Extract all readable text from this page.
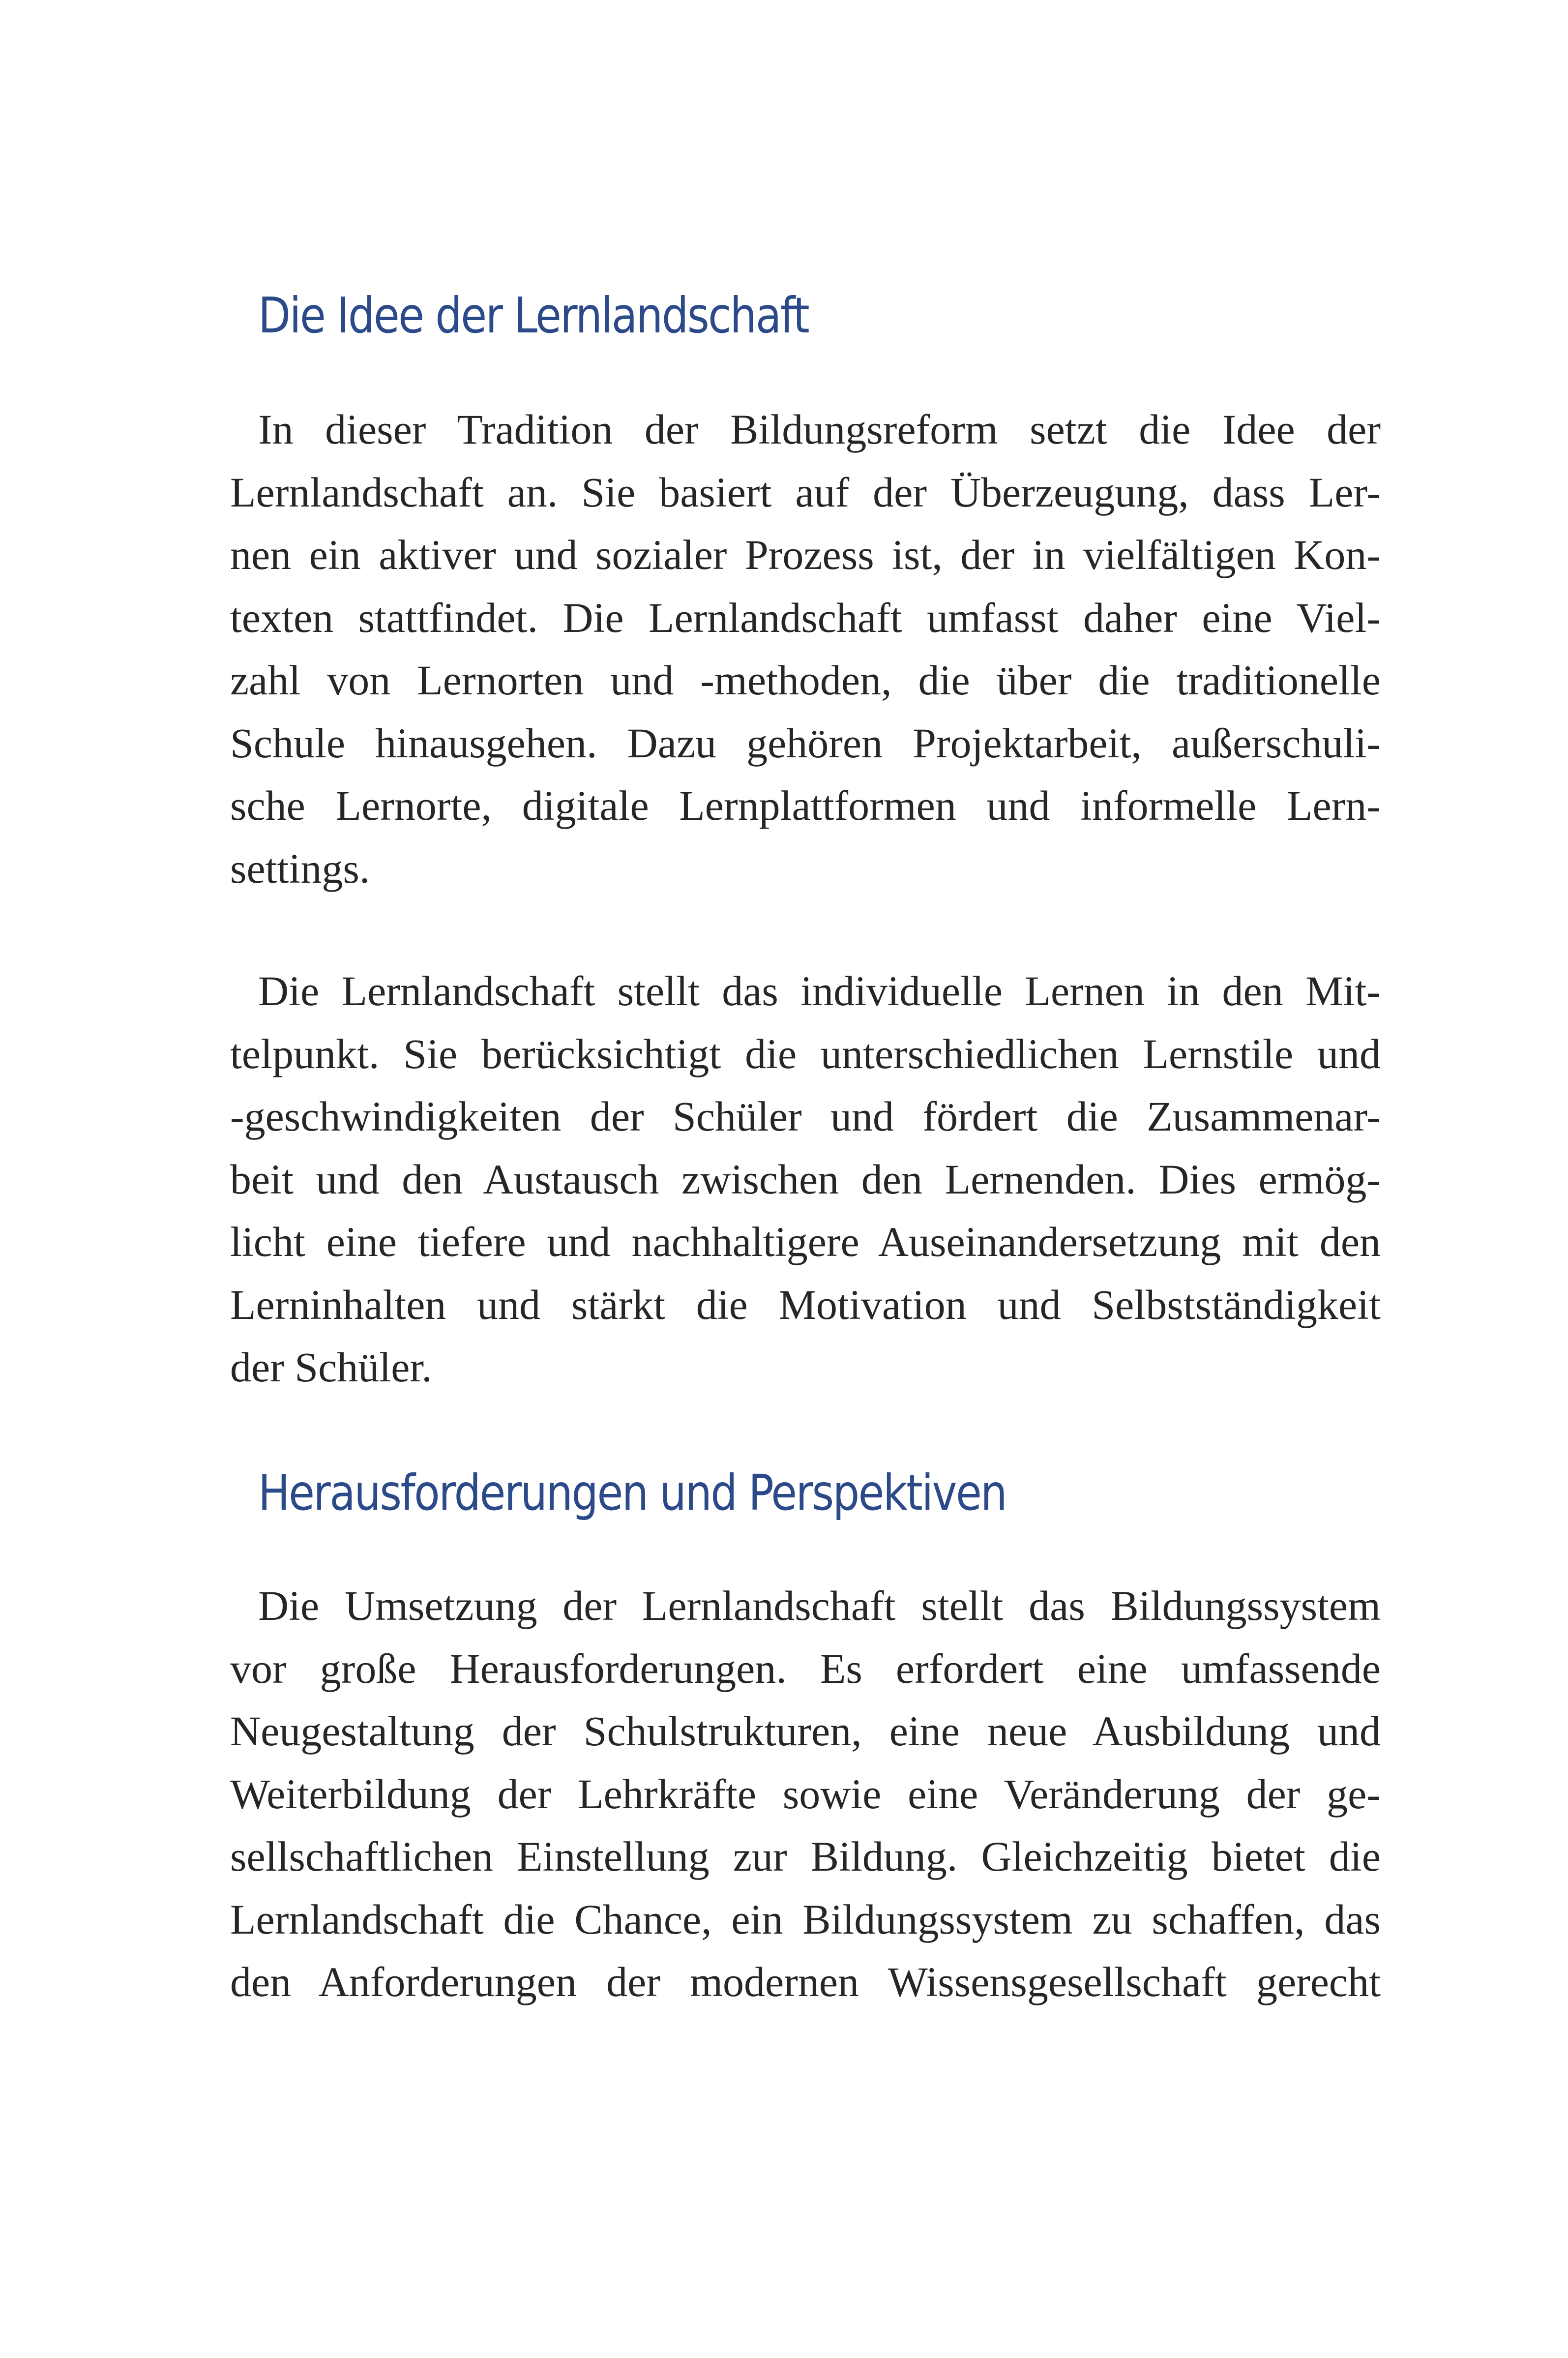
Die Idee der Lernlandschaft
In dieser Tradition der Bildungsreform setzt die Idee der
Lernlandschaft an. Sie basiert auf der Überzeugung, dass Ler-
nen ein aktiver und sozialer Prozess ist, der in vielfältigen Kon-
texten stattfindet. Die Lernlandschaft umfasst daher eine Viel-
zahl von Lernorten und -methoden, die über die traditionelle
Schule hinausgehen. Dazu gehören Projektarbeit, außerschuli-
sche Lernorte, digitale Lernplattformen und informelle Lern-
settings.
Die Lernlandschaft stellt das individuelle Lernen in den Mit-
telpunkt. Sie berücksichtigt die unterschiedlichen Lernstile und
-geschwindigkeiten der Schüler und fördert die Zusammenar-
beit und den Austausch zwischen den Lernenden. Dies ermög-
licht eine tiefere und nachhaltigere Auseinandersetzung mit den
Lerninhalten und stärkt die Motivation und Selbstständigkeit
der Schüler.
Herausforderungen und Perspektiven
Die Umsetzung der Lernlandschaft stellt das Bildungssystem
vor große Herausforderungen. Es erfordert eine umfassende
Neugestaltung der Schulstrukturen, eine neue Ausbildung und
Weiterbildung der Lehrkräfte sowie eine Veränderung der ge-
sellschaftlichen Einstellung zur Bildung. Gleichzeitig bietet die
Lernlandschaft die Chance, ein Bildungssystem zu schaffen, das
den Anforderungen der modernen Wissensgesellschaft gerecht
